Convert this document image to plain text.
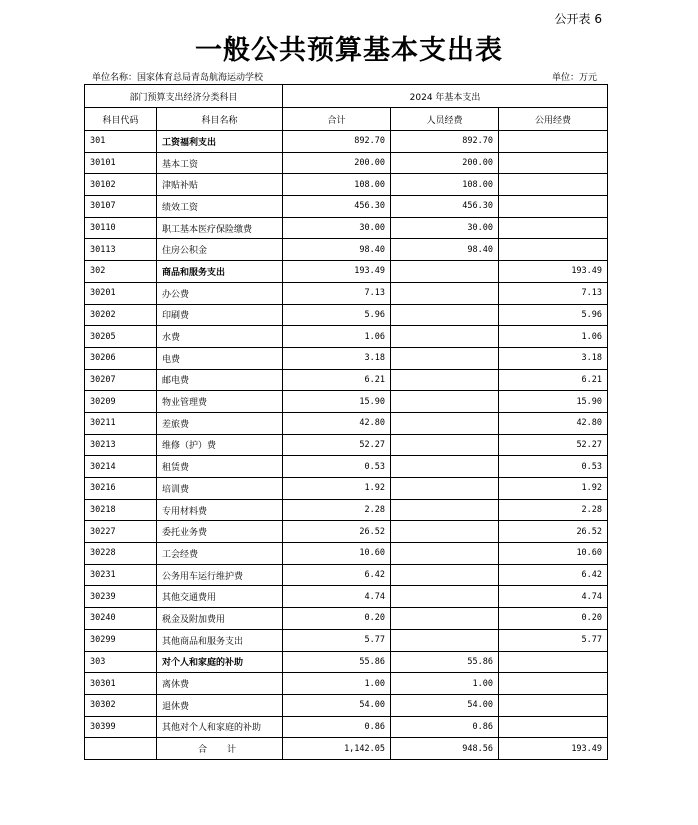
公开表 6
一般公共预算基本支出表
单位名称：国家体育总局青岛航海运动学校	单位：万元
部门预算支出经济分类科目		2024 年基本支出		
科目代码	科目名称	合计	人员经费	公用经费
301	工资福利支出	892.70	892.70	
30101	基本工资	200.00	200.00	
30102	津贴补贴	108.00	108.00	
30107	绩效工资	456.30	456.30	
30110	职工基本医疗保险缴费	30.00	30.00	
30113	住房公积金	98.40	98.40	
302	商品和服务支出	193.49		193.49
30201	办公费	7.13		7.13
30202	印刷费	5.96		5.96
30205	水费	1.06		1.06
30206	电费	3.18		3.18
30207	邮电费	6.21		6.21
30209	物业管理费	15.90		15.90
30211	差旅费	42.80		42.80
30213	维修（护）费	52.27		52.27
30214	租赁费	0.53		0.53
30216	培训费	1.92		1.92
30218	专用材料费	2.28		2.28
30227	委托业务费	26.52		26.52
30228	工会经费	10.60		10.60
30231	公务用车运行维护费	6.42		6.42
30239	其他交通费用	4.74		4.74
30240	税金及附加费用	0.20		0.20
30299	其他商品和服务支出	5.77		5.77
303	对个人和家庭的补助	55.86	55.86	
30301	离休费	1.00	1.00	
30302	退休费	54.00	54.00	
30399	其他对个人和家庭的补助	0.86	0.86	
	合计	1,142.05	948.56	193.49
